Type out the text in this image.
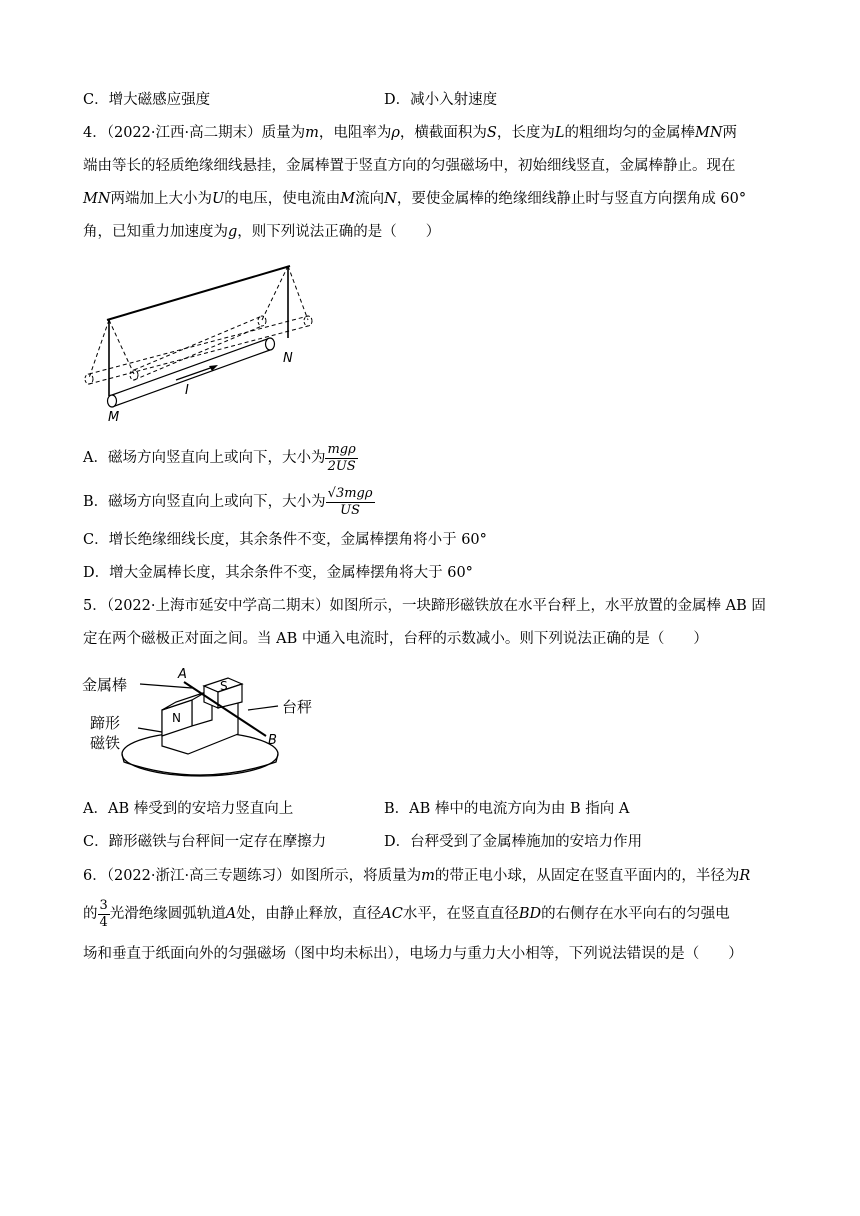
C．增大磁感应强度	D．减小入射速度
4．（2022·江西·高二期末）质量为m，电阻率为ρ，横截面积为S，长度为L的粗细均匀的金属棒MN两
端由等长的轻质绝缘细线悬挂，金属棒置于竖直方向的匀强磁场中，初始细线竖直，金属棒静止。现在
MN两端加上大小为U的电压，使电流由M流向N，要使金属棒的绝缘细线静止时与竖直方向摆角成 60°
角，已知重力加速度为g，则下列说法正确的是（　　）
M
N
I
A．磁场方向竖直向上或向下，大小为 $\frac{\text{mgρ}}{2US}$
B．磁场方向竖直向上或向下，大小为 $\frac{\text{√3mgρ}}{US}$
C．增长绝缘细线长度，其余条件不变，金属棒摆角将小于 60°
D．增大金属棒长度，其余条件不变，金属棒摆角将大于 60°
5．（2022·上海市延安中学高二期末）如图所示，一块蹄形磁铁放在水平台秤上，水平放置的金属棒 AB 固
定在两个磁极正对面之间。当 AB 中通入电流时，台秤的示数减小。则下列说法正确的是（　　）
A
S
N
B
金属棒
台秤
蹄形
磁铁
A．AB 棒受到的安培力竖直向上	B．AB 棒中的电流方向为由 B 指向 A
C．蹄形磁铁与台秤间一定存在摩擦力	D．台秤受到了金属棒施加的安培力作用
6．（2022·浙江·高三专题练习）如图所示，将质量为m的带正电小球，从固定在竖直平面内的，半径为R
的 $\frac{3}{4}$ 光滑绝缘圆弧轨道A处，由静止释放，直径AC水平，在竖直直径BD的右侧存在水平向右的匀强电
场和垂直于纸面向外的匀强磁场（图中均未标出），电场力与重力大小相等，下列说法错误的是（　　）
